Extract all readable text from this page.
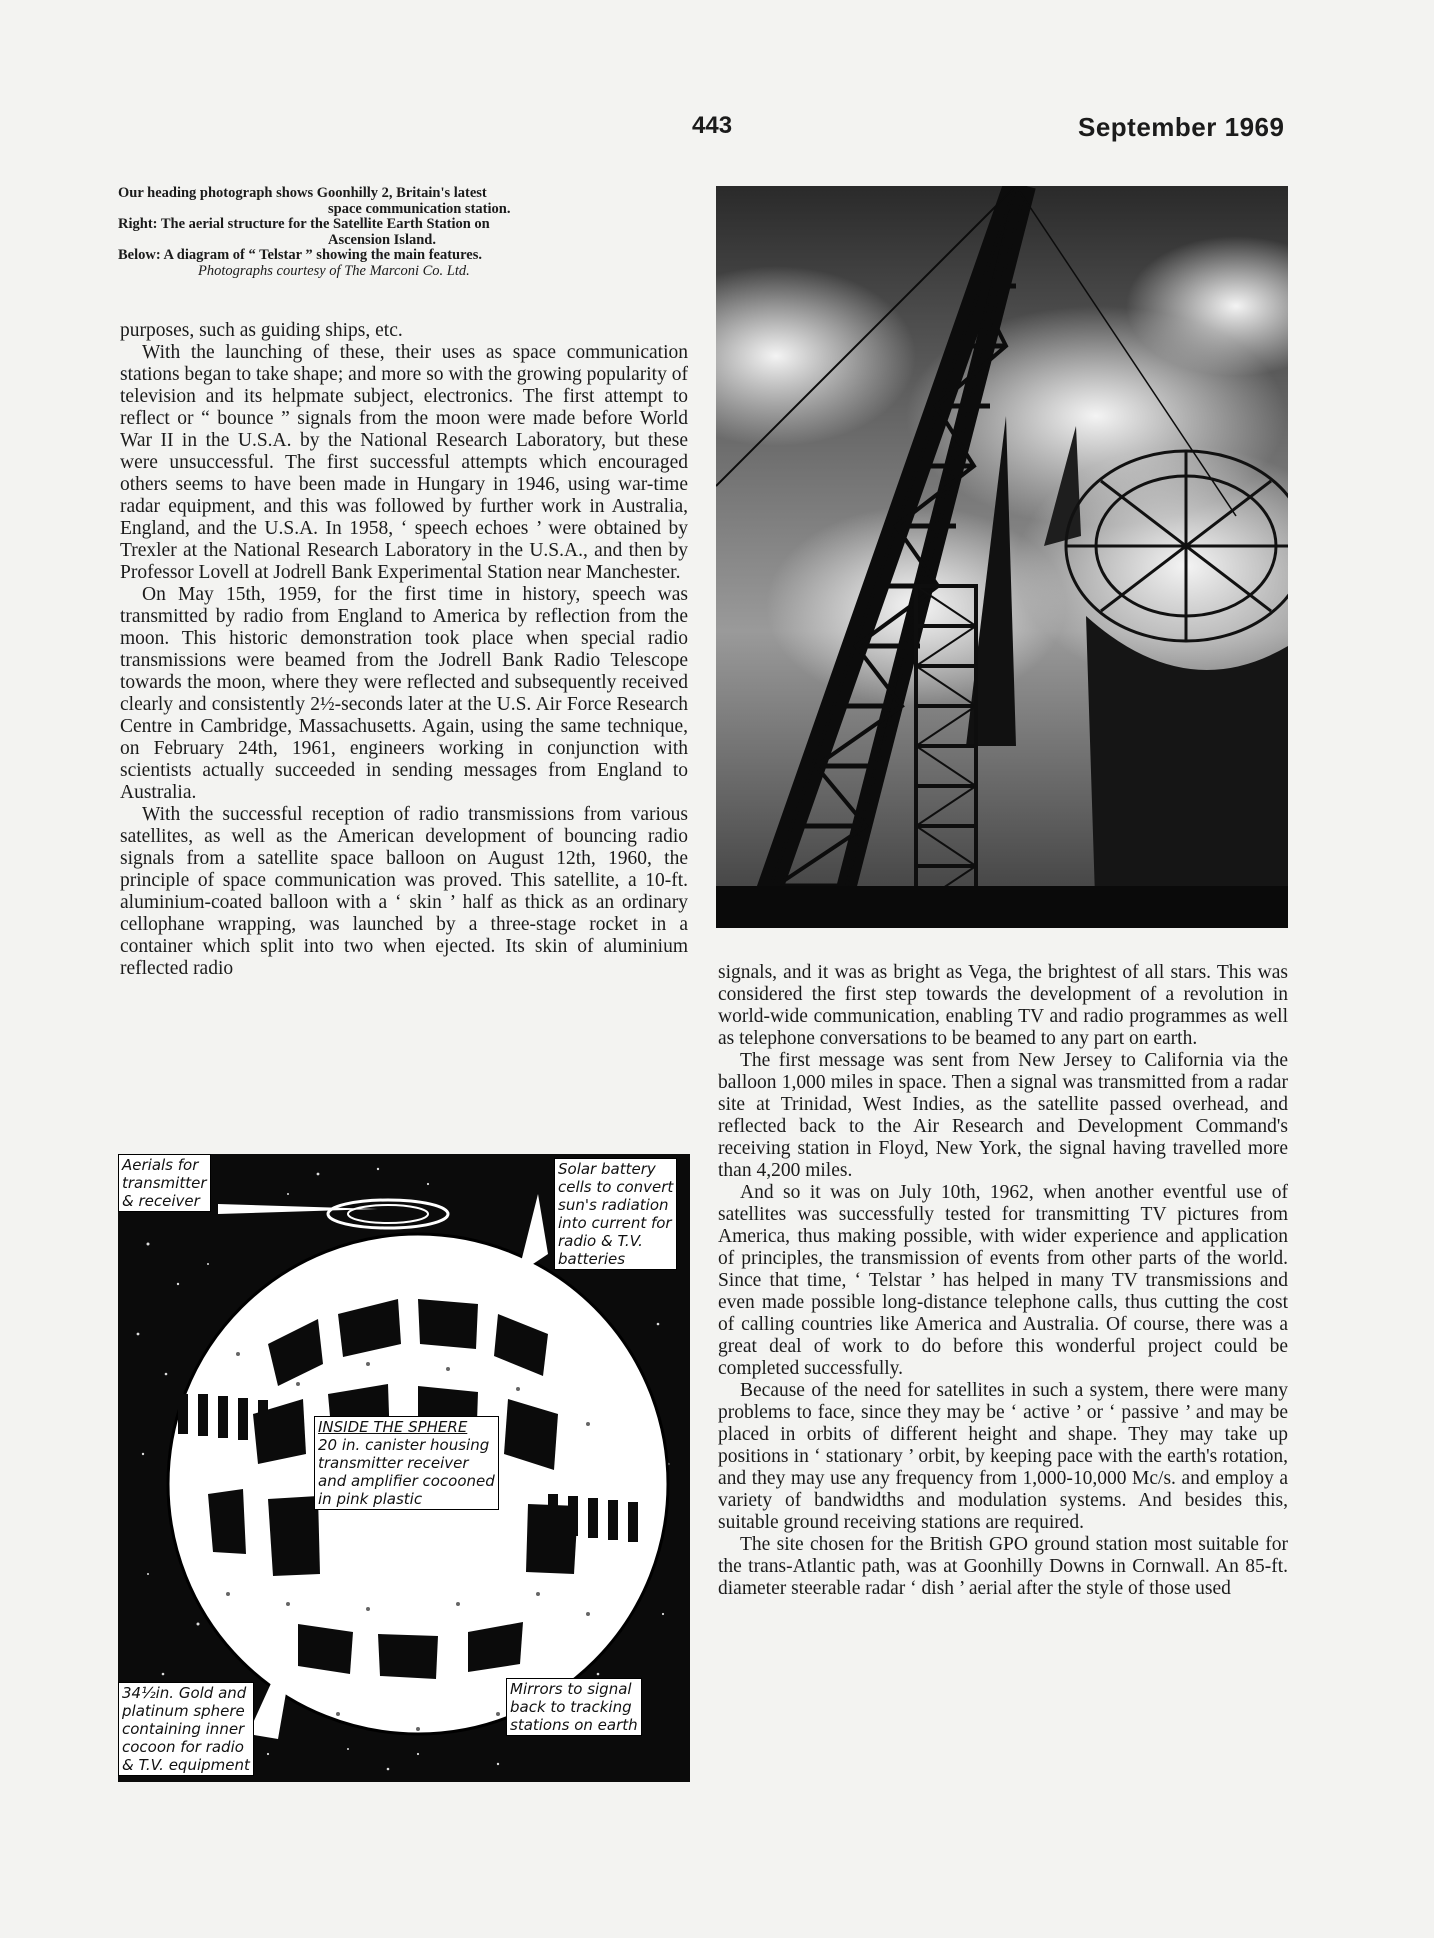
443	September 1969
Our heading photograph shows Goonhilly 2, Britain's latest
space communication station.
Right: The aerial structure for the Satellite Earth Station on
Ascension Island.
Below: A diagram of “ Telstar ” showing the main features.
Photographs courtesy of The Marconi Co. Ltd.

purposes, such as guiding ships, etc.

With the launching of these, their uses as space communication stations began to take shape; and more so with the growing popularity of television and its helpmate subject, electronics. The first attempt to reflect or “ bounce ” signals from the moon were made before World War II in the U.S.A. by the National Research Laboratory, but these were unsuccessful. The first successful attempts which encouraged others seems to have been made in Hungary in 1946, using war-time radar equipment, and this was followed by further work in Australia, England, and the U.S.A. In 1958, ‘ speech echoes ’ were obtained by Trexler at the National Research Laboratory in the U.S.A., and then by Professor Lovell at Jodrell Bank Experimental Station near Manchester.

On May 15th, 1959, for the first time in history, speech was transmitted by radio from England to America by reflection from the moon. This historic demonstration took place when special radio transmissions were beamed from the Jodrell Bank Radio Telescope towards the moon, where they were reflected and subsequently received clearly and consistently 2½-seconds later at the U.S. Air Force Research Centre in Cambridge, Massachusetts. Again, using the same technique, on February 24th, 1961, engineers working in conjunction with scientists actually succeeded in sending messages from England to Australia.

With the successful reception of radio transmissions from various satellites, as well as the American development of bouncing radio signals from a satellite space balloon on August 12th, 1960, the principle of space communication was proved. This satellite, a 10-ft. aluminium-coated balloon with a ‘ skin ’ half as thick as an ordinary cellophane wrapping, was launched by a three-stage rocket in a container which split into two when ejected. Its skin of aluminium reflected radio

Aerials for
transmitter
& receiver
Solar battery
cells to convert
sun's radiation
into current for
radio & T.V.
batteries
INSIDE THE SPHERE
20 in. canister housing
transmitter receiver
and amplifier cocooned
in pink plastic
34½in. Gold and
platinum sphere
containing inner
cocoon for radio
& T.V. equipment
Mirrors to signal
back to tracking
stations on earth

signals, and it was as bright as Vega, the brightest of all stars. This was considered the first step towards the development of a revolution in world-wide communication, enabling TV and radio programmes as well as telephone conversations to be beamed to any part on earth.

The first message was sent from New Jersey to California via the balloon 1,000 miles in space. Then a signal was transmitted from a radar site at Trinidad, West Indies, as the satellite passed overhead, and reflected back to the Air Research and Development Command's receiving station in Floyd, New York, the signal having travelled more than 4,200 miles.

And so it was on July 10th, 1962, when another eventful use of satellites was successfully tested for transmitting TV pictures from America, thus making possible, with wider experience and application of principles, the transmission of events from other parts of the world. Since that time, ‘ Telstar ’ has helped in many TV transmissions and even made possible long-distance telephone calls, thus cutting the cost of calling countries like America and Australia. Of course, there was a great deal of work to do before this wonderful project could be completed successfully.

Because of the need for satellites in such a system, there were many problems to face, since they may be ‘ active ’ or ‘ passive ’ and may be placed in orbits of different height and shape. They may take up positions in ‘ stationary ’ orbit, by keeping pace with the earth's rotation, and they may use any frequency from 1,000-10,000 Mc/s. and employ a variety of bandwidths and modulation systems. And besides this, suitable ground receiving stations are required.

The site chosen for the British GPO ground station most suitable for the trans-Atlantic path, was at Goonhilly Downs in Cornwall. An 85-ft. diameter steerable radar ‘ dish ’ aerial after the style of those used
